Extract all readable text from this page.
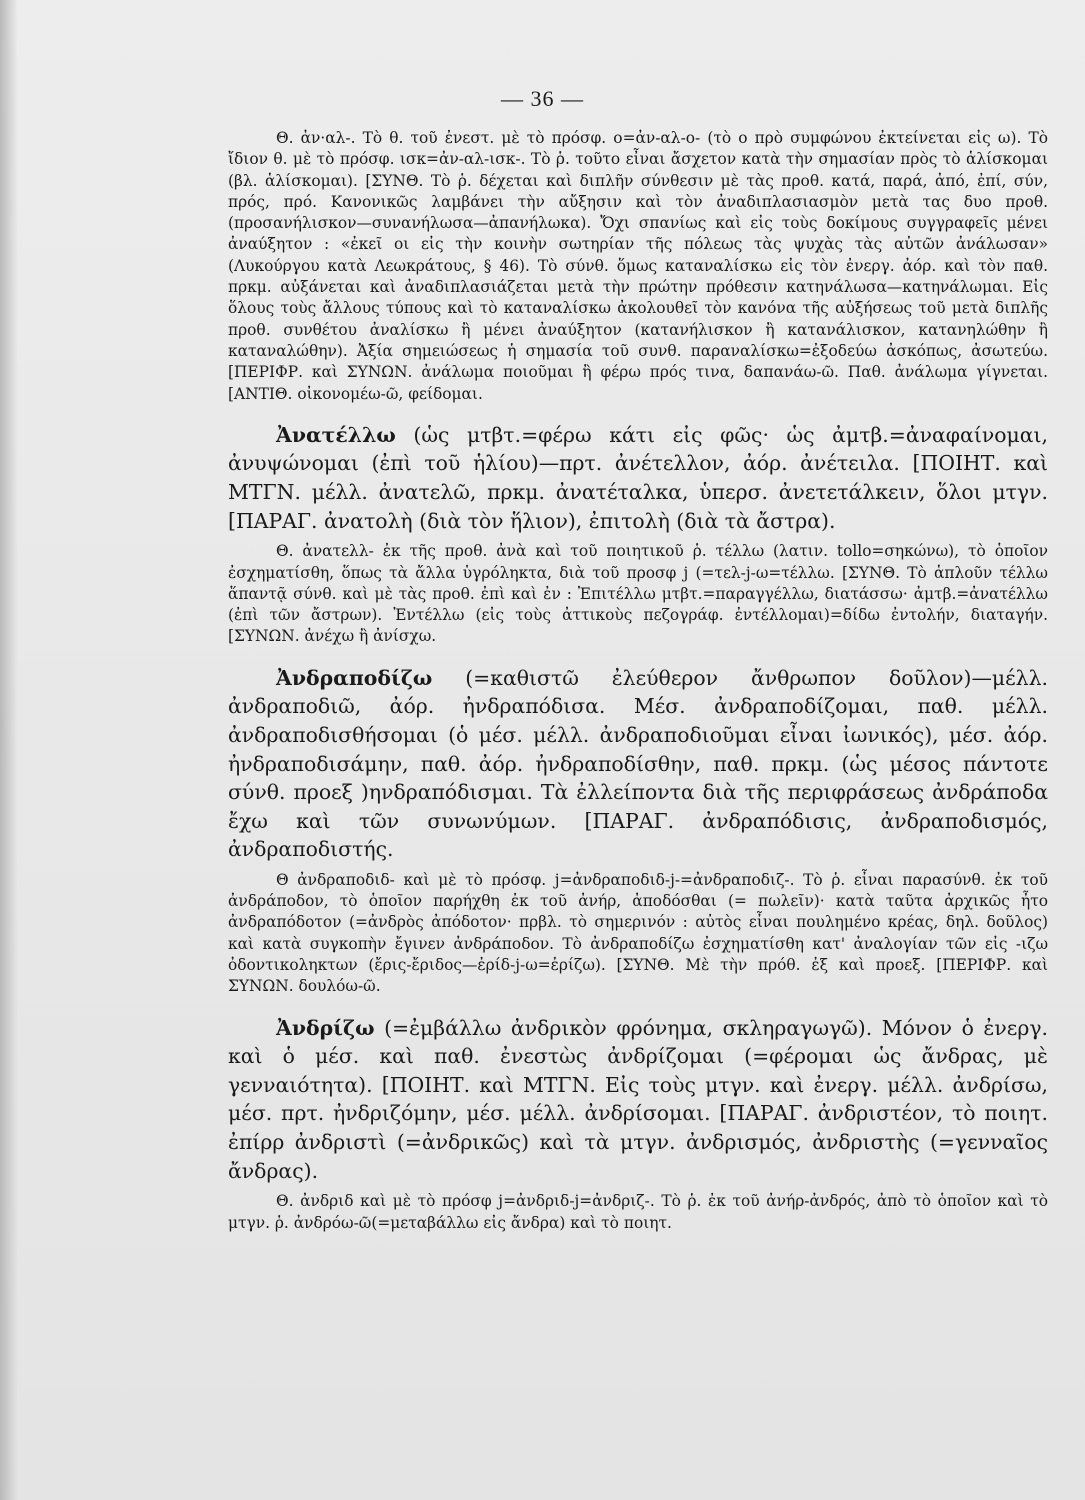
— 36 —

Θ. ἀν·αλ-. Τὸ θ. τοῦ ἐνεστ. μὲ τὸ πρόσφ. ο=ἀν-αλ-ο- (τὸ ο πρὸ συμφώνου ἐκτείνεται εἰς ω). Τὸ ἴδιον θ. μὲ τὸ πρόσφ. ισκ=ἀν-αλ-ισκ-. Τὸ ῥ. τοῦτο εἶναι ἄσχετον κατὰ τὴν σημασίαν πρὸς τὸ ἁλίσκομαι (βλ. ἁλίσκομαι). [ΣΥΝΘ. Τὸ ῥ. δέχεται καὶ διπλῆν σύνθεσιν μὲ τὰς προθ. κατά, παρά, ἀπό, ἐπί, σύν, πρός, πρό. Κανονικῶς λαμβάνει τὴν αὔξησιν καὶ τὸν ἀναδιπλασιασμὸν μετὰ τας δυο προθ. (προσανήλισκον—συνανήλωσα—ἀπανήλωκα). Ὄχι σπανίως καὶ εἰς τοὺς δοκίμους συγγραφεῖς μένει ἀναύξητον : «ἐκεῖ οι εἰς τὴν κοινὴν σωτηρίαν τῆς πόλεως τὰς ψυχὰς τὰς αὐτῶν ἀνάλωσαν» (Λυκούργου κατὰ Λεωκράτους, § 46). Τὸ σύνθ. ὅμως καταναλίσκω εἰς τὸν ἐνεργ. ἀόρ. καὶ τὸν παθ. πρκμ. αὐξάνεται καὶ ἀναδιπλασιάζεται μετὰ τὴν πρώτην πρόθεσιν κατηνάλωσα—κατηνάλωμαι. Εἰς ὅλους τοὺς ἄλλους τύπους καὶ τὸ καταναλίσκω ἀκολουθεῖ τὸν κανόνα τῆς αὐξήσεως τοῦ μετὰ διπλῆς προθ. συνθέτου ἀναλίσκω ἢ μένει ἀναύξητον (κατανήλισκον ἢ κατανάλισκον, κατανηλώθην ἢ καταναλώθην). Ἀξία σημειώσεως ἡ σημασία τοῦ συνθ. παραναλίσκω=ἐξοδεύω ἀσκόπως, ἀσωτεύω. [ΠΕΡΙΦΡ. καὶ ΣΥΝΩΝ. ἀνάλωμα ποιοῦμαι ἢ φέρω πρός τινα, δαπανάω-ῶ. Παθ. ἀνάλωμα γίγνεται. [ΑΝΤΙΘ. οἰκονομέω-ῶ, φείδομαι.

Ἀνατέλλω (ὡς μτβτ.=φέρω κάτι εἰς φῶς· ὡς ἀμτβ.=ἀναφαίνομαι, ἀνυψώνομαι (ἐπὶ τοῦ ἡλίου)—πρτ. ἀνέτελλον, ἀόρ. ἀνέτειλα. [ΠΟΙΗΤ. καὶ ΜΤΓΝ. μέλλ. ἀνατελῶ, πρκμ. ἀνατέταλκα, ὑπερσ. ἀνετετάλκειν, ὅλοι μτγν. [ΠΑΡΑΓ. ἀνατολὴ (διὰ τὸν ἥλιον), ἐπιτολὴ (διὰ τὰ ἄστρα).

Θ. ἀνατελλ- ἐκ τῆς προθ. ἀνὰ καὶ τοῦ ποιητικοῦ ῥ. τέλλω (λατιν. tollo=σηκώνω), τὸ ὁποῖον ἐσχηματίσθη, ὅπως τὰ ἄλλα ὑγρόληκτα, διὰ τοῦ προσφ j (=τελ-j-ω=τέλλω. [ΣΥΝΘ. Τὸ ἁπλοῦν τέλλω ἅπαντᾷ σύνθ. καὶ μὲ τὰς προθ. ἐπὶ καὶ ἐν : Ἐπιτέλλω μτβτ.=παραγγέλλω, διατάσσω· ἀμτβ.=ἀνατέλλω (ἐπὶ τῶν ἄστρων). Ἐντέλλω (εἰς τοὺς ἀττικοὺς πεζογράφ. ἐντέλλομαι)=δίδω ἐντολήν, διαταγήν. [ΣΥΝΩΝ. ἀνέχω ἢ ἀνίσχω.

Ἀνδραποδίζω (=καθιστῶ ἐλεύθερον ἄνθρωπον δοῦλον)—μέλλ. ἀνδραποδιῶ, ἀόρ. ἠνδραπόδισα. Μέσ. ἀνδραποδίζομαι, παθ. μέλλ. ἀνδραποδισθήσομαι (ὁ μέσ. μέλλ. ἀνδραποδιοῦμαι εἶναι ἰωνικός), μέσ. ἀόρ. ἠνδραποδισάμην, παθ. ἀόρ. ἠνδραποδίσθην, παθ. πρκμ. (ὡς μέσος πάντοτε σύνθ. προεξ )ηνδραπόδισμαι. Τὰ ἐλλείποντα διὰ τῆς περιφράσεως ἀνδράποδα ἔχω καὶ τῶν συνωνύμων. [ΠΑΡΑΓ. ἀνδραπόδισις, ἀνδραποδισμός, ἀνδραποδιστής.

Θ ἀνδραποδιδ- καὶ μὲ τὸ πρόσφ. j=ἀνδραποδιδ-j-=ἀνδραποδιζ-. Τὸ ῥ. εἶναι παρασύνθ. ἐκ τοῦ ἀνδράποδον, τὸ ὁποῖον παρήχθη ἐκ τοῦ ἀνήρ, ἀποδόσθαι (= πωλεῖν)· κατὰ ταῦτα ἀρχικῶς ἦτο ἀνδραπόδοτον (=ἀνδρὸς ἀπόδοτον· πρβλ. τὸ σημερινόν : αὐτὸς εἶναι πουλημένο κρέας, δηλ. δοῦλος) καὶ κατὰ συγκοπὴν ἔγινεν ἀνδράποδον. Τὸ ἀνδραποδίζω ἐσχηματίσθη κατ' ἀναλογίαν τῶν εἰς -ιζω ὀδοντικοληκτων (ἔρις-ἔριδος—ἐρίδ-j-ω=ἐρίζω). [ΣΥΝΘ. Μὲ τὴν πρόθ. ἐξ καὶ προεξ. [ΠΕΡΙΦΡ. καὶ ΣΥΝΩΝ. δουλόω-ῶ.

Ἀνδρίζω (=ἐμβάλλω ἀνδρικὸν φρόνημα, σκληραγωγῶ). Μόνον ὁ ἐνεργ. καὶ ὁ μέσ. καὶ παθ. ἐνεστὼς ἀνδρίζομαι (=φέρομαι ὡς ἄνδρας, μὲ γενναιότητα). [ΠΟΙΗΤ. καὶ ΜΤΓΝ. Εἰς τοὺς μτγν. καὶ ἐνεργ. μέλλ. ἀνδρίσω, μέσ. πρτ. ἠνδριζόμην, μέσ. μέλλ. ἀνδρίσομαι. [ΠΑΡΑΓ. ἀνδριστέον, τὸ ποιητ. ἐπίρρ ἀνδριστὶ (=ἀνδρικῶς) καὶ τὰ μτγν. ἀνδρισμός, ἀνδριστὴς (=γενναῖος ἄνδρας).

Θ. ἀνδριδ καὶ μὲ τὸ πρόσφ j=ἀνδριδ-j=ἀνδριζ-. Τὸ ῥ. ἐκ τοῦ ἀνήρ-ἀνδρός, ἀπὸ τὸ ὁποῖον καὶ τὸ μτγν. ῥ. ἀνδρόω-ῶ(=μεταβάλλω εἰς ἄνδρα) καὶ τὸ ποιητ.
